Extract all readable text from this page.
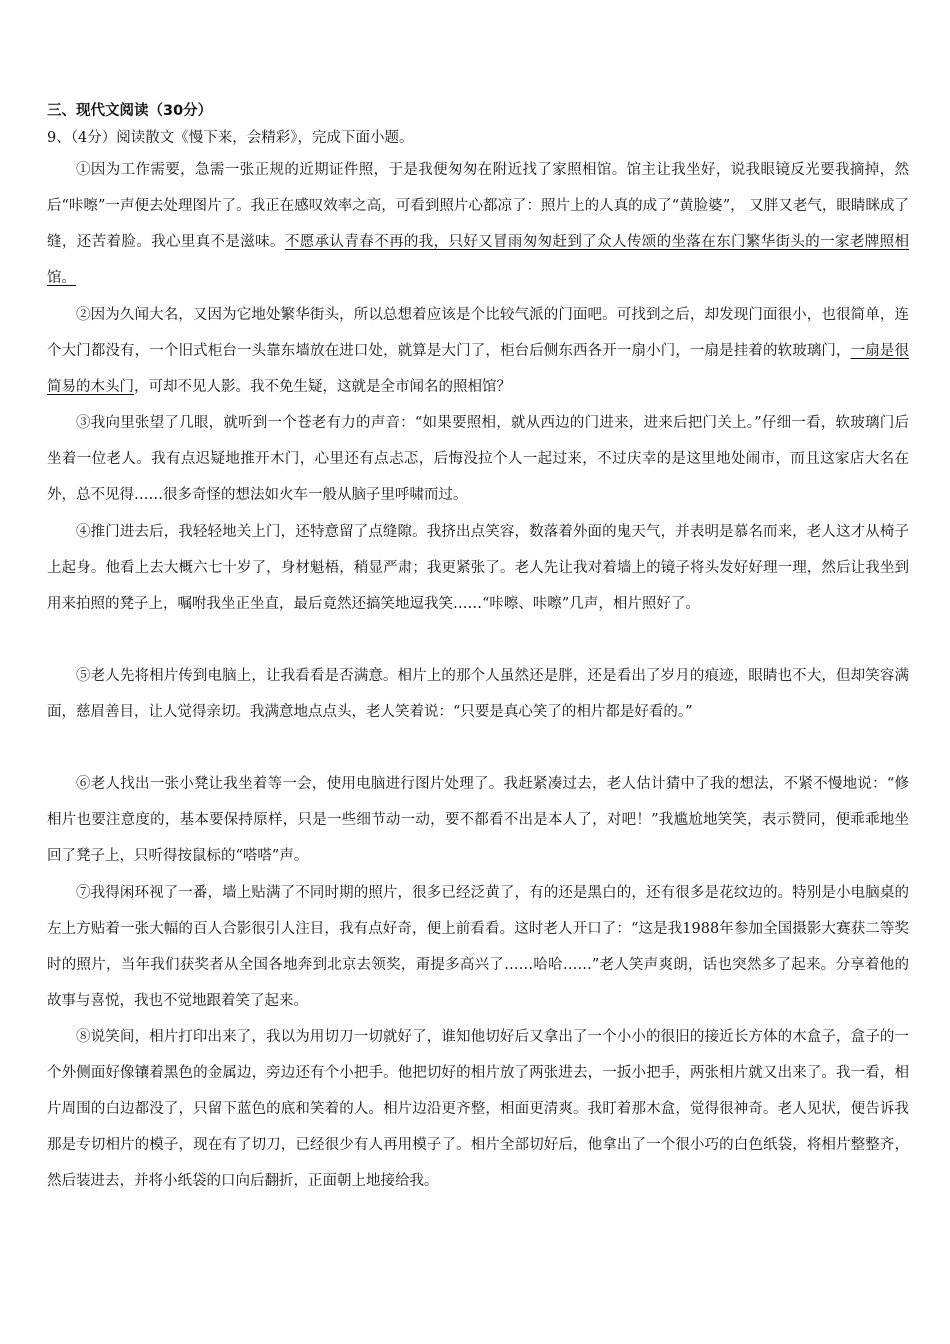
三、现代文阅读（30分）
9、（4分）阅读散文《慢下来，会精彩》，完成下面小题。

①因为工作需要，急需一张正规的近期证件照，于是我便匆匆在附近找了家照相馆。馆主让我坐好，说我眼镜反光要我摘掉，然后“咔嚓”一声便去处理图片了。我正在感叹效率之高，可看到照片心都凉了：照片上的人真的成了“黄脸婆”， 又胖又老气，眼睛眯成了缝，还苦着脸。我心里真不是滋味。不愿承认青春不再的我，只好又冒雨匆匆赶到了众人传颂的坐落在东门繁华街头的一家老牌照相馆。

②因为久闻大名，又因为它地处繁华街头，所以总想着应该是个比较气派的门面吧。可找到之后，却发现门面很小，也很简单，连个大门都没有，一个旧式柜台一头靠东墙放在进口处，就算是大门了，柜台后侧东西各开一扇小门，一扇是挂着的软玻璃门，一扇是很简易的木头门，可却不见人影。我不免生疑，这就是全市闻名的照相馆？

③我向里张望了几眼，就听到一个苍老有力的声音：“如果要照相，就从西边的门进来，进来后把门关上。”仔细一看，软玻璃门后坐着一位老人。我有点迟疑地推开木门，心里还有点忐忑，后悔没拉个人一起过来，不过庆幸的是这里地处闹市，而且这家店大名在外，总不见得……很多奇怪的想法如火车一般从脑子里呼啸而过。

④推门进去后，我轻轻地关上门，还特意留了点缝隙。我挤出点笑容，数落着外面的鬼天气，并表明是慕名而来，老人这才从椅子上起身。他看上去大概六七十岁了，身材魁梧，稍显严肃；我更紧张了。老人先让我对着墙上的镜子将头发好好理一理，然后让我坐到用来拍照的凳子上，嘱咐我坐正坐直，最后竟然还搞笑地逗我笑……“咔嚓、咔嚓”几声，相片照好了。

⑤老人先将相片传到电脑上，让我看看是否满意。相片上的那个人虽然还是胖，还是看出了岁月的痕迹，眼睛也不大，但却笑容满面，慈眉善目，让人觉得亲切。我满意地点点头，老人笑着说：“只要是真心笑了的相片都是好看的。”

⑥老人找出一张小凳让我坐着等一会，使用电脑进行图片处理了。我赶紧凑过去，老人估计猜中了我的想法，不紧不慢地说：“修相片也要注意度的，基本要保持原样，只是一些细节动一动，要不都看不出是本人了，对吧！”我尴尬地笑笑，表示赞同，便乖乖地坐回了凳子上，只听得按鼠标的“嗒嗒”声。

⑦我得闲环视了一番，墙上贴满了不同时期的照片，很多已经泛黄了，有的还是黑白的，还有很多是花纹边的。特别是小电脑桌的左上方贴着一张大幅的百人合影很引人注目，我有点好奇，便上前看看。这时老人开口了：“这是我1988年参加全国摄影大赛获二等奖时的照片，当年我们获奖者从全国各地奔到北京去领奖，甭提多高兴了……哈哈……”老人笑声爽朗，话也突然多了起来。分享着他的故事与喜悦，我也不觉地跟着笑了起来。

⑧说笑间，相片打印出来了，我以为用切刀一切就好了，谁知他切好后又拿出了一个小小的很旧的接近长方体的木盒子，盒子的一个外侧面好像镶着黑色的金属边，旁边还有个小把手。他把切好的相片放了两张进去，一扳小把手，两张相片就又出来了。我一看，相片周围的白边都没了，只留下蓝色的底和笑着的人。相片边沿更齐整，相面更清爽。我盯着那木盒，觉得很神奇。老人见状，便告诉我那是专切相片的模子，现在有了切刀，已经很少有人再用模子了。相片全部切好后，他拿出了一个很小巧的白色纸袋，将相片整整齐，然后装进去，并将小纸袋的口向后翻折，正面朝上地接给我。
